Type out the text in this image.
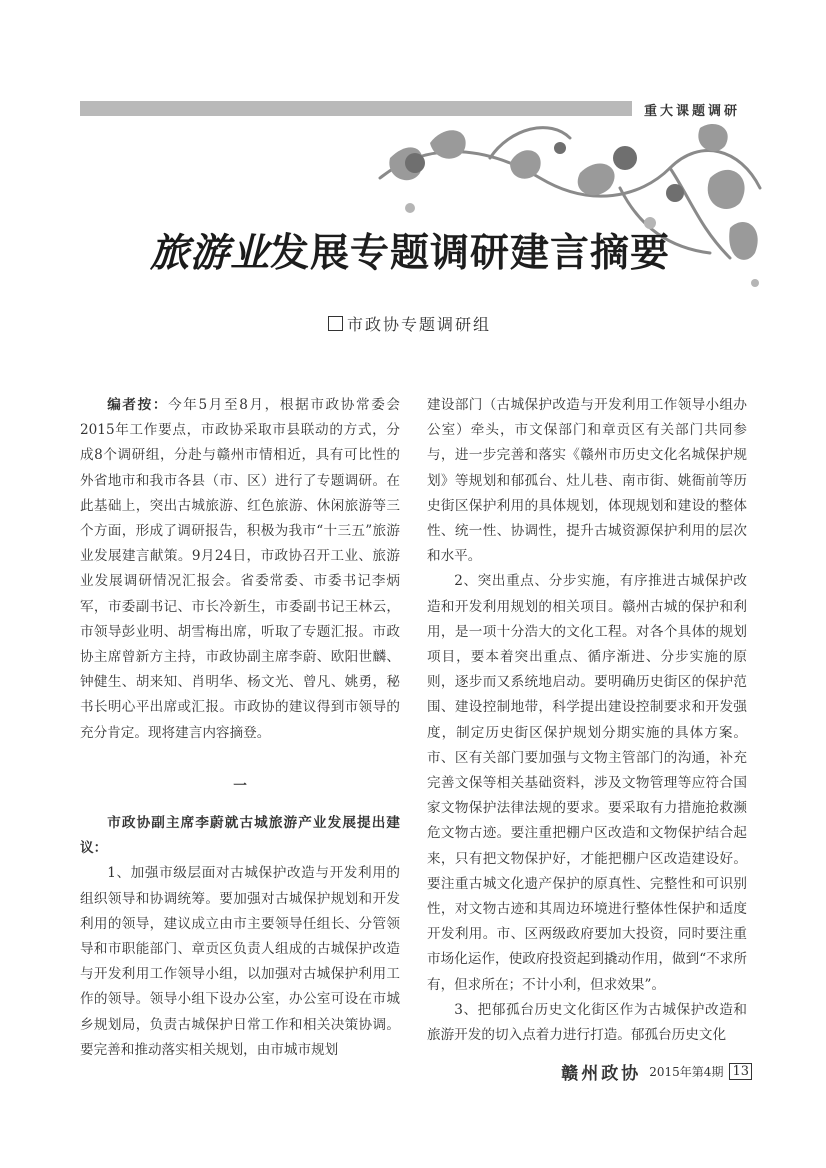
重大课题调研
旅游业发展专题调研建言摘要
市政协专题调研组

编者按：今年5月至8月，根据市政协常委会2015年工作要点，市政协采取市县联动的方式，分成8个调研组，分赴与赣州市情相近，具有可比性的外省地市和我市各县（市、区）进行了专题调研。在此基础上，突出古城旅游、红色旅游、休闲旅游等三个方面，形成了调研报告，积极为我市“十三五”旅游业发展建言献策。9月24日，市政协召开工业、旅游业发展调研情况汇报会。省委常委、市委书记李炳军，市委副书记、市长冷新生，市委副书记王林云，市领导彭业明、胡雪梅出席，听取了专题汇报。市政协主席曾新方主持，市政协副主席李蔚、欧阳世麟、钟健生、胡来知、肖明华、杨文光、曾凡、姚勇，秘书长明心平出席或汇报。市政协的建议得到市领导的充分肯定。现将建言内容摘登。

一

市政协副主席李蔚就古城旅游产业发展提出建议：

1、加强市级层面对古城保护改造与开发利用的组织领导和协调统筹。要加强对古城保护规划和开发利用的领导，建议成立由市主要领导任组长、分管领导和市职能部门、章贡区负责人组成的古城保护改造与开发利用工作领导小组，以加强对古城保护利用工作的领导。领导小组下设办公室，办公室可设在市城乡规划局，负责古城保护日常工作和相关决策协调。要完善和推动落实相关规划，由市城市规划

建设部门（古城保护改造与开发利用工作领导小组办公室）牵头，市文保部门和章贡区有关部门共同参与，进一步完善和落实《赣州市历史文化名城保护规划》等规划和郁孤台、灶儿巷、南市街、姚衙前等历史街区保护利用的具体规划，体现规划和建设的整体性、统一性、协调性，提升古城资源保护利用的层次和水平。

2、突出重点、分步实施，有序推进古城保护改造和开发利用规划的相关项目。赣州古城的保护和利用，是一项十分浩大的文化工程。对各个具体的规划项目，要本着突出重点、循序渐进、分步实施的原则，逐步而又系统地启动。要明确历史街区的保护范围、建设控制地带，科学提出建设控制要求和开发强度，制定历史街区保护规划分期实施的具体方案。市、区有关部门要加强与文物主管部门的沟通，补充完善文保等相关基础资料，涉及文物管理等应符合国家文物保护法律法规的要求。要采取有力措施抢救濒危文物古迹。要注重把棚户区改造和文物保护结合起来，只有把文物保护好，才能把棚户区改造建设好。要注重古城文化遗产保护的原真性、完整性和可识别性，对文物古迹和其周边环境进行整体性保护和适度开发利用。市、区两级政府要加大投资，同时要注重市场化运作，使政府投资起到撬动作用，做到“不求所有，但求所在；不计小利，但求效果”。

3、把郁孤台历史文化街区作为古城保护改造和旅游开发的切入点着力进行打造。郁孤台历史文化

赣州政协 2015年第4期 13
